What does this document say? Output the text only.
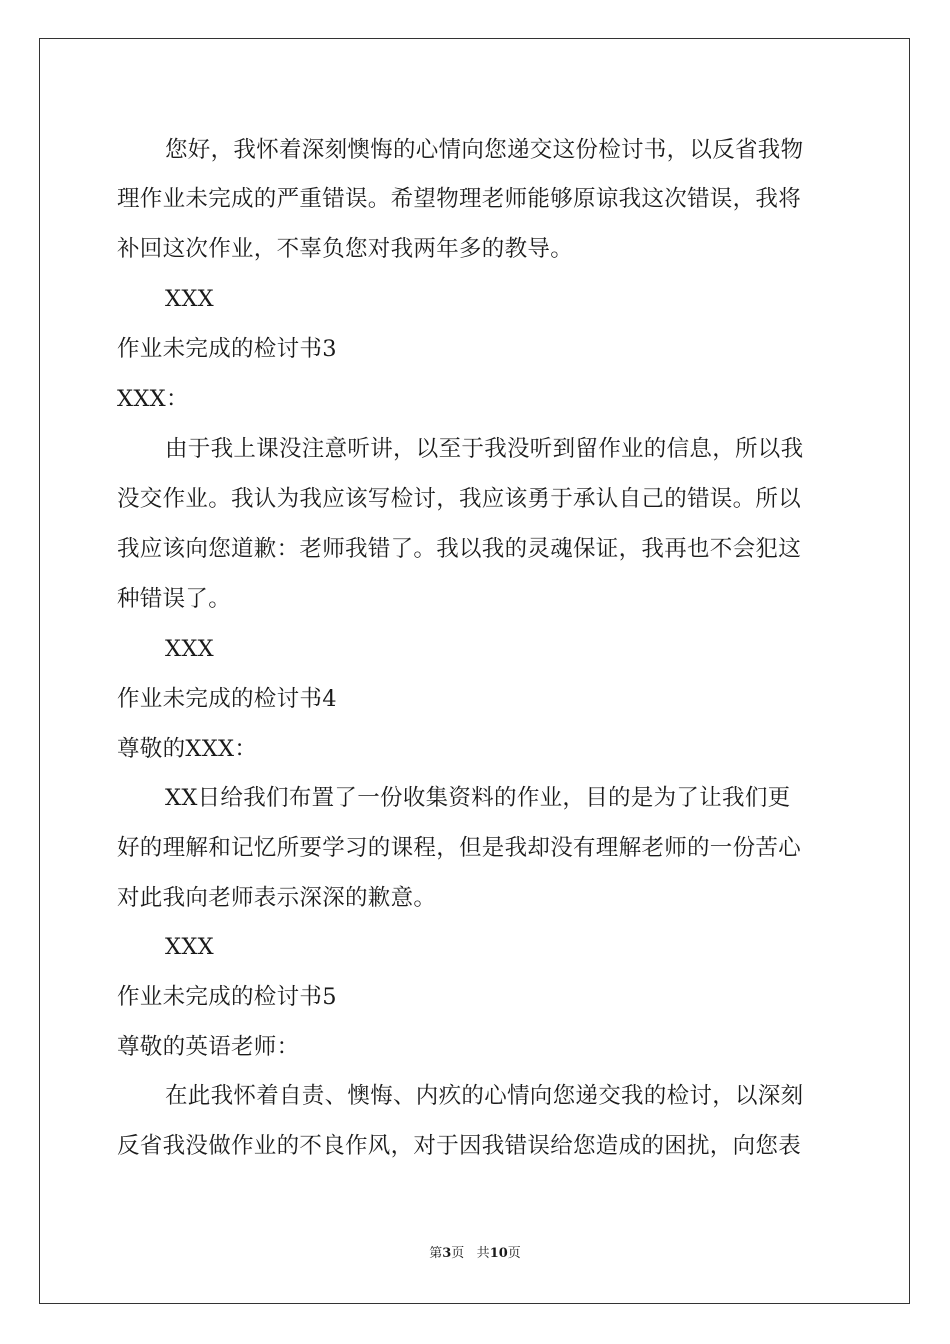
您好，我怀着深刻懊悔的心情向您递交这份检讨书，以反省我物

理作业未完成的严重错误。希望物理老师能够原谅我这次错误，我将

补回这次作业，不辜负您对我两年多的教导。

XXX

作业未完成的检讨书3

XXX：

由于我上课没注意听讲，以至于我没听到留作业的信息，所以我

没交作业。我认为我应该写检讨，我应该勇于承认自己的错误。所以

我应该向您道歉：老师我错了。我以我的灵魂保证，我再也不会犯这

种错误了。

XXX

作业未完成的检讨书4

尊敬的XXX：

XX日给我们布置了一份收集资料的作业，目的是为了让我们更

好的理解和记忆所要学习的课程，但是我却没有理解老师的一份苦心

对此我向老师表示深深的歉意。

XXX

作业未完成的检讨书5

尊敬的英语老师：

在此我怀着自责、懊悔、内疚的心情向您递交我的检讨，以深刻

反省我没做作业的不良作风，对于因我错误给您造成的困扰，向您表

第3页 共10页
